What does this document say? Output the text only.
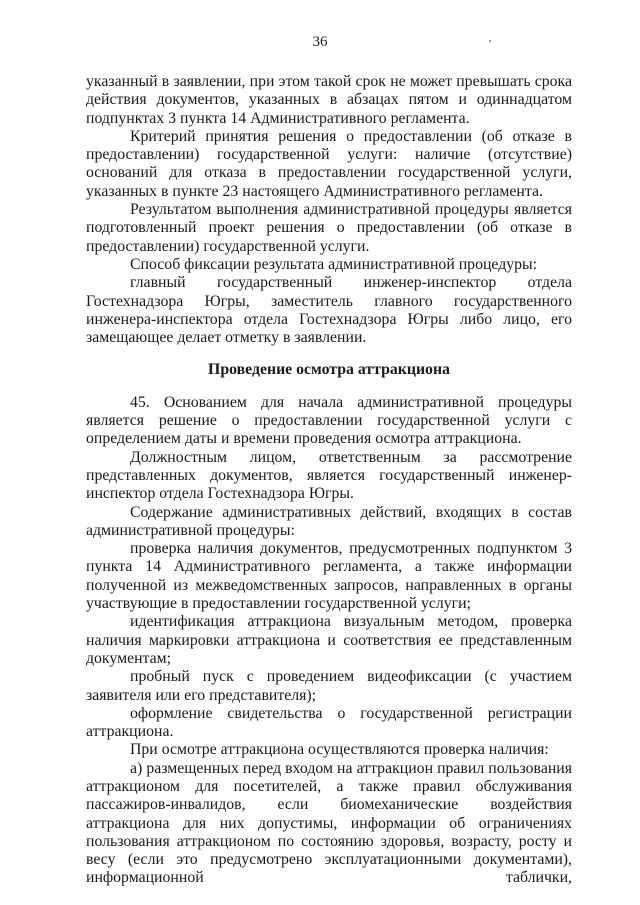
36

указанный в заявлении, при этом такой срок не может превышать срока действия документов, указанных в абзацах пятом и одиннадцатом подпунктах 3 пункта 14 Административного регламента.

Критерий принятия решения о предоставлении (об отказе в предоставлении) государственной услуги: наличие (отсутствие) оснований для отказа в предоставлении государственной услуги, указанных в пункте 23 настоящего Административного регламента.

Результатом выполнения административной процедуры является подготовленный проект решения о предоставлении (об отказе в предоставлении) государственной услуги.

Способ фиксации результата административной процедуры:

главный государственный инженер-инспектор отдела Гостехнадзора Югры, заместитель главного государственного инженера-инспектора отдела Гостехнадзора Югры либо лицо, его замещающее делает отметку в заявлении.

Проведение осмотра аттракциона

45. Основанием для начала административной процедуры является решение о предоставлении государственной услуги с определением даты и времени проведения осмотра аттракциона.

Должностным лицом, ответственным за рассмотрение представленных документов, является государственный инженер-инспектор отдела Гостехнадзора Югры.

Содержание административных действий, входящих в состав административной процедуры:

проверка наличия документов, предусмотренных подпунктом 3 пункта 14 Административного регламента, а также информации полученной из межведомственных запросов, направленных в органы участвующие в предоставлении государственной услуги;

идентификация аттракциона визуальным методом, проверка наличия маркировки аттракциона и соответствия ее представленным документам;

пробный пуск с проведением видеофиксации (с участием заявителя или его представителя);

оформление свидетельства о государственной регистрации аттракциона.

При осмотре аттракциона осуществляются проверка наличия:

а) размещенных перед входом на аттракцион правил пользования аттракционом для посетителей, а также правил обслуживания пассажиров-инвалидов, если биомеханические воздействия аттракциона для них допустимы, информации об ограничениях пользования аттракционом по состоянию здоровья, возрасту, росту и весу (если это предусмотрено эксплуатационными документами), информационной таблички,
